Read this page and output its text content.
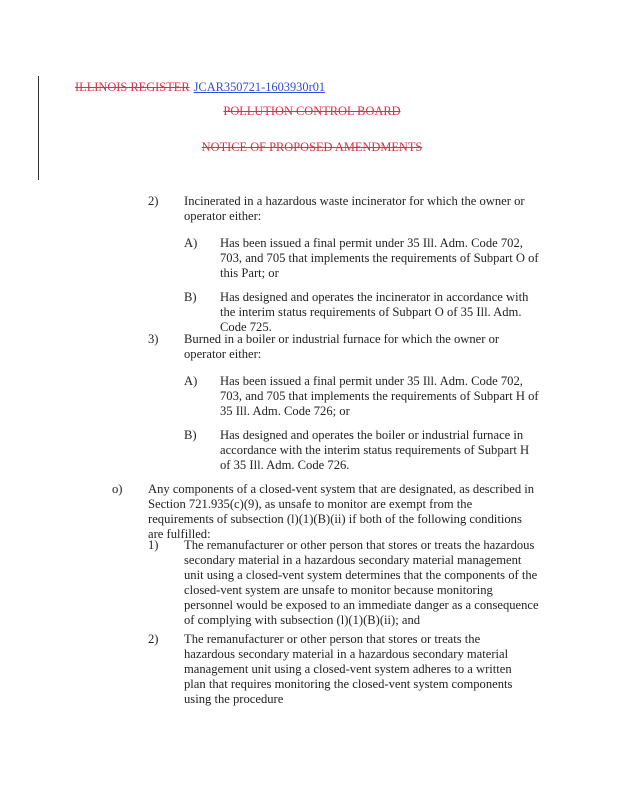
ILLINOIS REGISTER JCAR350721-1603930r01
POLLUTION CONTROL BOARD
NOTICE OF PROPOSED AMENDMENTS
2) Incinerated in a hazardous waste incinerator for which the owner or operator either:
A) Has been issued a final permit under 35 Ill. Adm. Code 702, 703, and 705 that implements the requirements of Subpart O of this Part; or
B) Has designed and operates the incinerator in accordance with the interim status requirements of Subpart O of 35 Ill. Adm. Code 725.
3) Burned in a boiler or industrial furnace for which the owner or operator either:
A) Has been issued a final permit under 35 Ill. Adm. Code 702, 703, and 705 that implements the requirements of Subpart H of 35 Ill. Adm. Code 726; or
B) Has designed and operates the boiler or industrial furnace in accordance with the interim status requirements of Subpart H of 35 Ill. Adm. Code 726.
o) Any components of a closed-vent system that are designated, as described in Section 721.935(c)(9), as unsafe to monitor are exempt from the requirements of subsection (l)(1)(B)(ii) if both of the following conditions are fulfilled:
1) The remanufacturer or other person that stores or treats the hazardous secondary material in a hazardous secondary material management unit using a closed-vent system determines that the components of the closed-vent system are unsafe to monitor because monitoring personnel would be exposed to an immediate danger as a consequence of complying with subsection (l)(1)(B)(ii); and
2) The remanufacturer or other person that stores or treats the hazardous secondary material in a hazardous secondary material management unit using a closed-vent system adheres to a written plan that requires monitoring the closed-vent system components using the procedure
